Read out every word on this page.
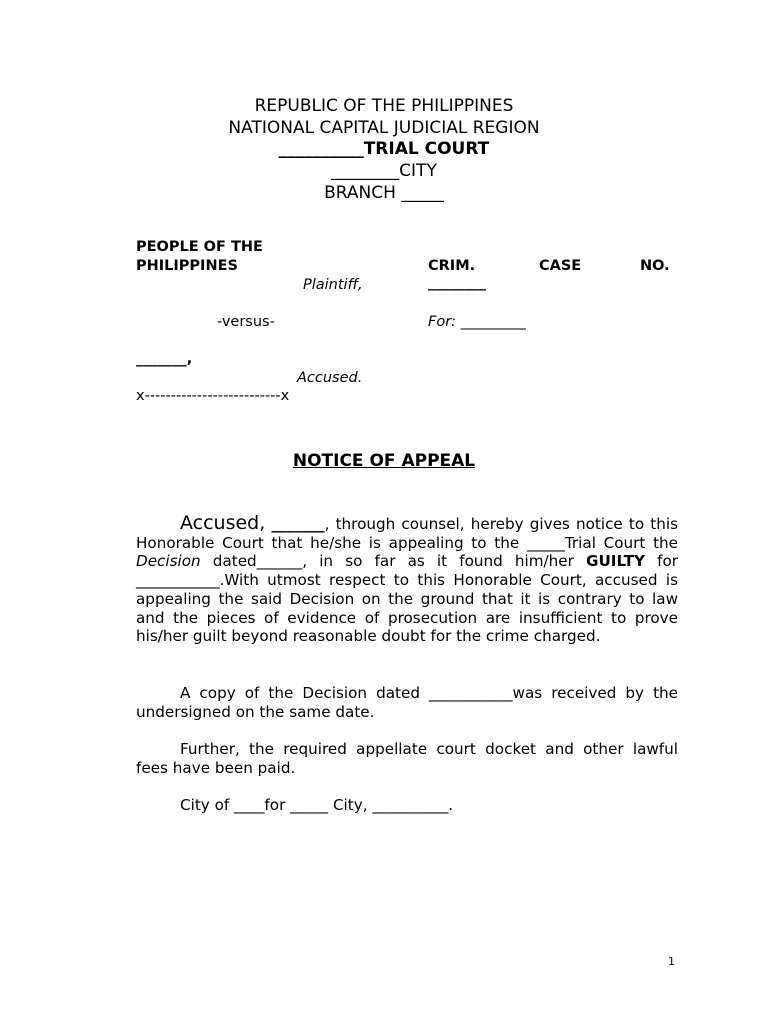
REPUBLIC OF THE PHILIPPINES
NATIONAL CAPITAL JUDICIAL REGION
__________TRIAL COURT
________CITY
BRANCH _____
PEOPLE OF THE
PHILIPPINES
Plaintiff,
CRIM.	CASE	NO.
________
-versus-	For: _________
_______,
Accused.
x--------------------------x
NOTICE OF APPEAL
Accused, _______, through counsel, hereby gives notice to this Honorable Court that he/she is appealing to the _____Trial Court the Decision dated______, in so far as it found him/her GUILTY for ___________.With utmost respect to this Honorable Court, accused is appealing the said Decision on the ground that it is contrary to law and the pieces of evidence of prosecution are insufficient to prove his/her guilt beyond reasonable doubt for the crime charged.
A copy of the Decision dated ___________was received by the undersigned on the same date.
Further, the required appellate court docket and other lawful fees have been paid.
City of ____for _____ City, __________.
1
